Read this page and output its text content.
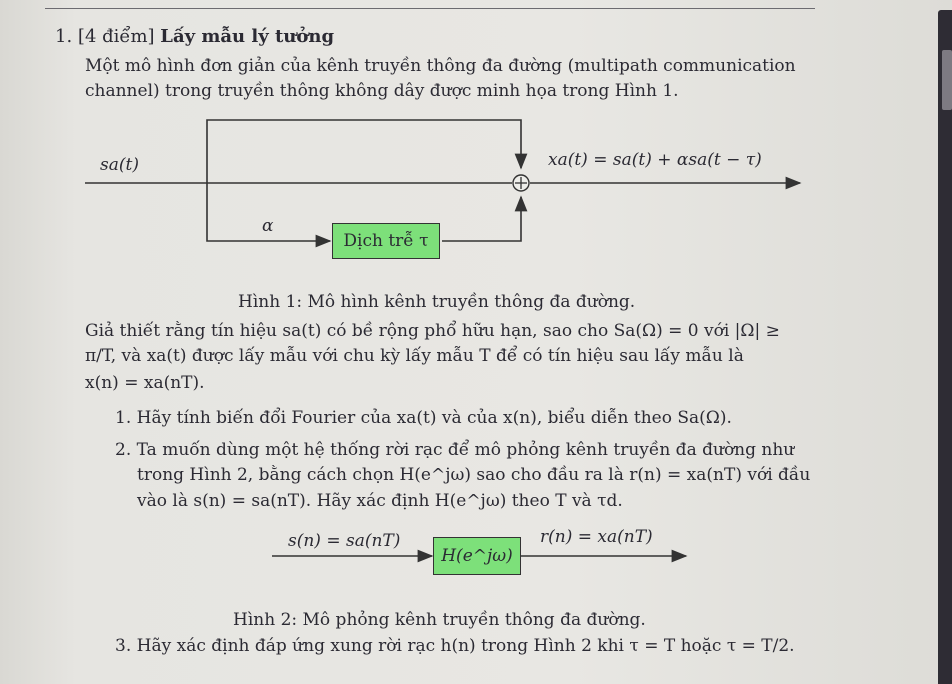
1. [4 điểm] Lấy mẫu lý tưởng
Một mô hình đơn giản của kênh truyền thông đa đường (multipath communication
channel) trong truyền thông không dây được minh họa trong Hình 1.
sa(t)	xa(t) = sa(t) + αsa(t − τ)
α
Dịch trễ τ
Hình 1: Mô hình kênh truyền thông đa đường.
Giả thiết rằng tín hiệu sa(t) có bề rộng phổ hữu hạn, sao cho Sa(Ω) = 0 với |Ω| ≥
π/T, và xa(t) được lấy mẫu với chu kỳ lấy mẫu T để có tín hiệu sau lấy mẫu là
x(n) = xa(nT).
1. Hãy tính biến đổi Fourier của xa(t) và của x(n), biểu diễn theo Sa(Ω).
2. Ta muốn dùng một hệ thống rời rạc để mô phỏng kênh truyền đa đường như
trong Hình 2, bằng cách chọn H(e^jω) sao cho đầu ra là r(n) = xa(nT) với đầu
vào là s(n) = sa(nT). Hãy xác định H(e^jω) theo T và τd.
s(n) = sa(nT)
H(e^jω)
r(n) = xa(nT)
Hình 2: Mô phỏng kênh truyền thông đa đường.
3. Hãy xác định đáp ứng xung rời rạc h(n) trong Hình 2 khi τ = T hoặc τ = T/2.
